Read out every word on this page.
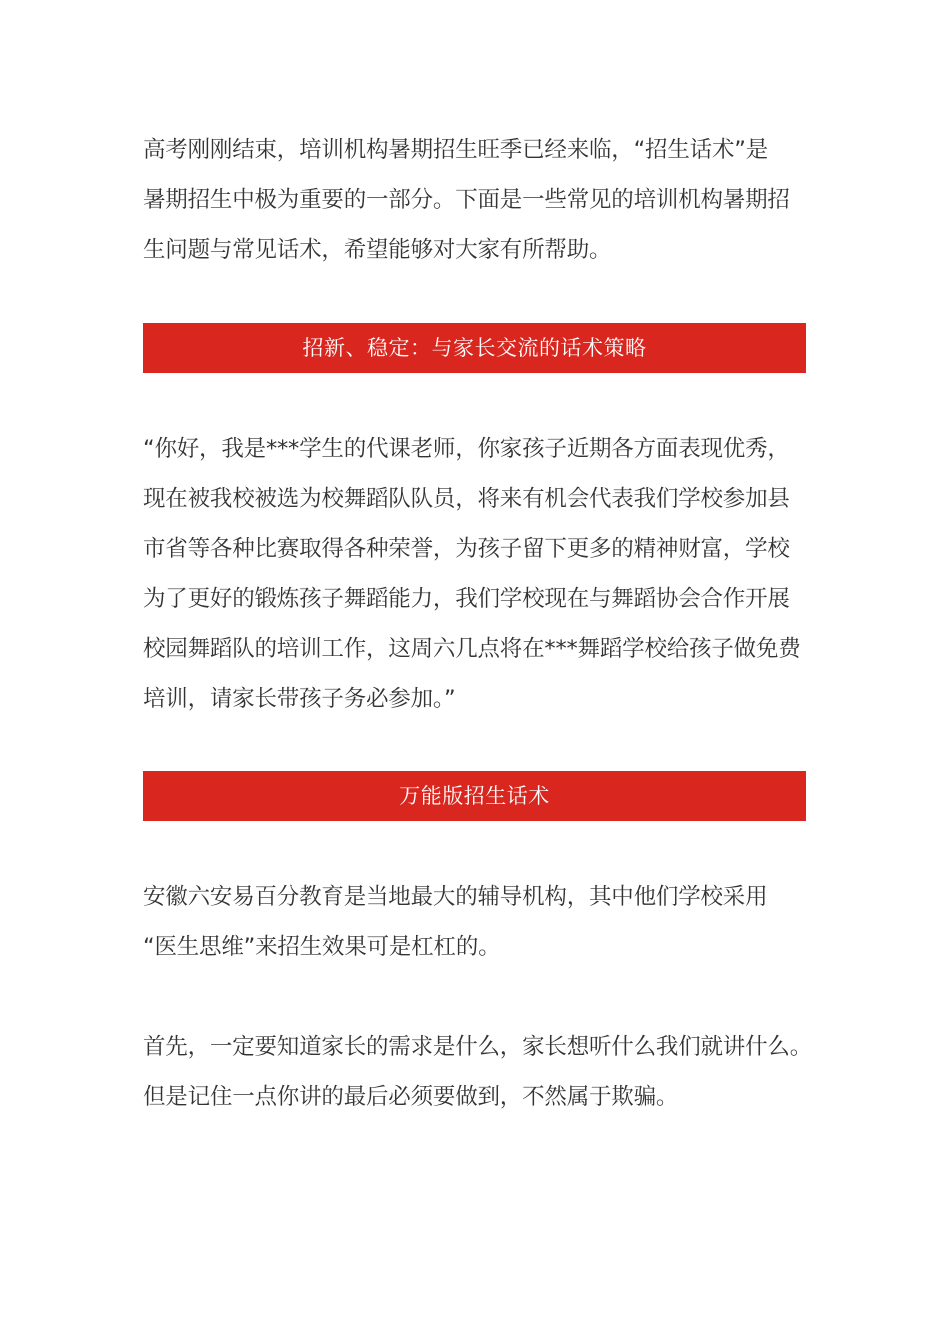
高考刚刚结束，培训机构暑期招生旺季已经来临，“招生话术”是
暑期招生中极为重要的一部分。下面是一些常见的培训机构暑期招
生问题与常见话术，希望能够对大家有所帮助。
招新、稳定：与家长交流的话术策略
“你好，我是***学生的代课老师，你家孩子近期各方面表现优秀，
现在被我校被选为校舞蹈队队员，将来有机会代表我们学校参加县
市省等各种比赛取得各种荣誉，为孩子留下更多的精神财富，学校
为了更好的锻炼孩子舞蹈能力，我们学校现在与舞蹈协会合作开展
校园舞蹈队的培训工作，这周六几点将在***舞蹈学校给孩子做免费
培训，请家长带孩子务必参加。”
万能版招生话术
安徽六安易百分教育是当地最大的辅导机构，其中他们学校采用
“医生思维”来招生效果可是杠杠的。
首先，一定要知道家长的需求是什么，家长想听什么我们就讲什么。
但是记住一点你讲的最后必须要做到，不然属于欺骗。
